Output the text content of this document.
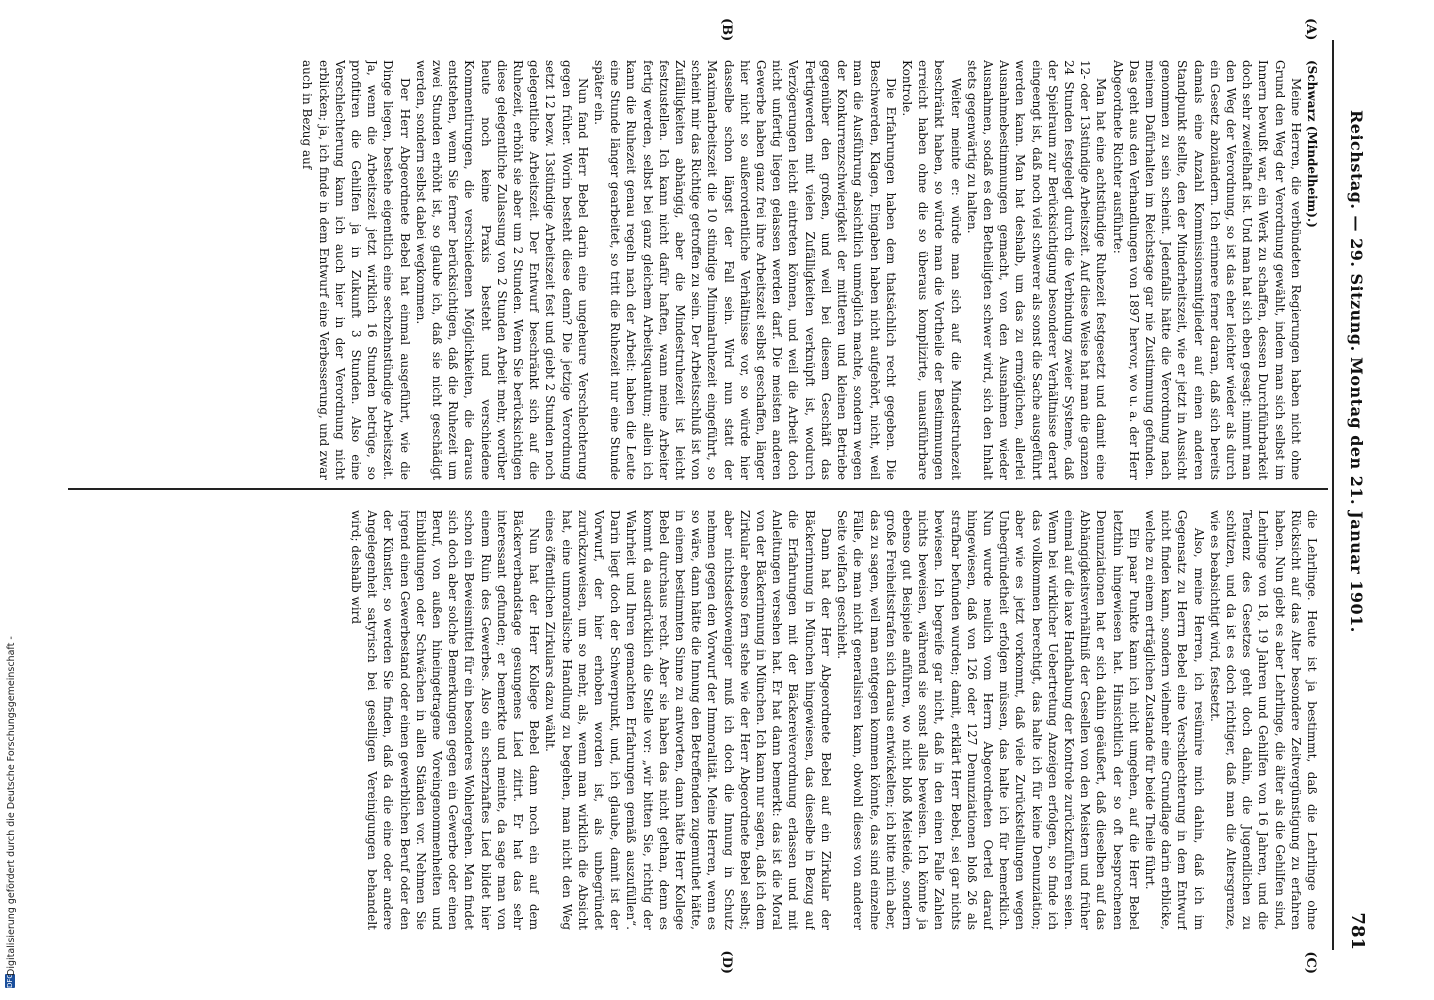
Reichstag. — 29. Sitzung.
Montag den 21. Januar 1901.
781
(A)
(B)
(C)
(D)

(Schwarz (Mindelheim).)

Meine Herren, die verbündeten Regierungen haben nicht ohne Grund den Weg der Verordnung gewählt, indem man sich selbst im Innern bewußt war, ein Werk zu schaffen, dessen Durchführbarkeit doch sehr zweifelhaft ist. Und man hat sich eben gesagt: nimmt man den Weg der Verordnung, so ist das eher leichter wieder als durch ein Gesetz abzuändern. Ich erinnere ferner daran, daß sich bereits damals eine Anzahl Kommissionsmitglieder auf einen anderen Standpunkt stellte, den der Minderheitszeit, wie er jetzt in Aussicht genommen zu sein scheint. Jedenfalls hätte die Verordnung nach meinem Dafürhalten im Reichstage gar nie Zustimmung gefunden. Das geht aus den Verhandlungen von 1897 hervor, wo u. a. der Herr Abgeordnete Richter ausführte:

Man hat eine achtstündige Ruhezeit festgesetzt und damit eine 12- oder 13stündige Arbeitszeit. Auf diese Weise hat man die ganzen 24 Stunden festgelegt durch die Verbindung zweier Systeme, daß der Spielraum zur Berücksichtigung besonderer Verhältnisse derart eingeengt ist, daß noch viel schwerer als sonst die Sache ausgeführt werden kann. Man hat deshalb, um das zu ermöglichen, allerlei Ausnahmebestimmungen gemacht, von den Ausnahmen wieder Ausnahmen, sodaß es den Betheiligten schwer wird, sich den Inhalt stets gegenwärtig zu halten.

Weiter meinte er: würde man sich auf die Mindestruhezeit beschränkt haben, so würde man die Vortheile der Bestimmungen erreicht haben ohne die so überaus komplizirte, unausführbare Kontrole.

Die Erfahrungen haben dem thatsächlich recht gegeben. Die Beschwerden, Klagen, Eingaben haben nicht aufgehört, nicht, weil man die Ausführung absichtlich unmöglich machte, sondern wegen der Konkurrenzschwierigkeit der mittleren und kleinen Betriebe gegenüber den großen, und weil bei diesem Geschäft das Fertigwerden mit vielen Zufälligkeiten verknüpft ist, wodurch Verzögerungen leicht eintreten können, und weil die Arbeit doch nicht unfertig liegen gelassen werden darf. Die meisten anderen Gewerbe haben ganz frei ihre Arbeitszeit selbst geschaffen, länger hier nicht so außerordentliche Verhältnisse vor, so würde hier dasselbe schon längst der Fall sein. Wird nun statt der Maximalarbeitszeit die 10 stündige Minimalruhezeit eingeführt, so scheint mir das Richtige getroffen zu sein. Der Arbeitsschluß ist von Zufälligkeiten abhängig, aber die Mindestruhezeit ist leicht festzustellen. Ich kann nicht dafür haften, wann meine Arbeiter fertig werden, selbst bei ganz gleichem Arbeitsquantum; allein ich kann die Ruhezeit genau regeln nach der Arbeit: haben die Leute eine Stunde länger gearbeitet, so tritt die Ruhezeit nur eine Stunde später ein.

Nun fand Herr Bebel darin eine ungeheure Verschlechterung gegen früher. Worin besteht diese denn? Die jetzige Verordnung setzt 12 bezw. 13stündige Arbeitszeit fest und giebt 2 Stunden noch gelegentliche Arbeitszeit. Der Entwurf beschränkt sich auf die Ruhezeit, erhöht sie aber um 2 Stunden. Wenn Sie berücksichtigen diese gelegentliche Zulassung von 2 Stunden Arbeit mehr, worüber heute noch keine Praxis besteht und verschiedene Kommentirungen, die verschiedenen Möglichkeiten, die daraus entstehen, wenn Sie ferner berücksichtigen, daß die Ruhezeit um zwei Stunden erhöht ist, so glaube ich, daß sie nicht geschädigt werden, sondern selbst dabei wegkommen.

Der Herr Abgeordnete Bebel hat einmal ausgeführt, wie die Dinge liegen, bestehe eigentlich eine sechzehnstündige Arbeitszeit. Ja, wenn die Arbeitszeit jetzt wirklich 16 Stunden betrüge, so profitiren die Gehilfen ja in Zukunft 3 Stunden. Also eine Verschlechterung kann ich auch hier in der Verordnung nicht erblicken; ja, ich finde in dem Entwurf eine Verbesserung, und zwar auch in Bezug auf

die Lehrlinge. Heute ist ja bestimmt, daß die Lehrlinge ohne Rücksicht auf das Alter besondere Zeitvergünstigung zu erfahren haben. Nun giebt es aber Lehrlinge, die älter als die Gehilfen sind, Lehrlinge von 18, 19 Jahren und Gehilfen von 16 Jahren, und die Tendenz des Gesetzes geht doch dahin, die Jugendlichen zu schützen, und da ist es doch richtiger, daß man die Altersgrenze, wie es beabsichtigt wird, festsetzt.

Also, meine Herren, ich resümire mich dahin, daß ich im Gegensatz zu Herrn Bebel eine Verschlechterung in dem Entwurf nicht finden kann, sondern vielmehr eine Grundlage darin erblicke, welche zu einem erträglichen Zustande für beide Theile führt.

Ein paar Punkte kann ich nicht umgehen, auf die Herr Bebel letzthin hingewiesen hat. Hinsichtlich der so oft besprochenen Denunziationen hat er sich dahin geäußert, daß dieselben auf das Abhängigkeitsverhältniß der Gesellen von den Meistern und früher einmal auf die laxe Handhabung der Kontrole zurückzuführen seien. Wenn bei wirklicher Uebertretung Anzeigen erfolgen, so finde ich das vollkommen berechtigt, das halte ich für keine Denunziation; aber wie es jetzt vorkommt, daß viele Zurückstellungen wegen Unbegründetheit erfolgen müssen, das halte ich für bemerklich. Nun wurde neulich vom Herrn Abgeordneten Oertel darauf hingewiesen, daß von 126 oder 127 Denunziationen bloß 26 als strafbar befunden wurden; damit, erklärt Herr Bebel, sei gar nichts bewiesen. Ich begreife gar nicht, daß in den einen Falle Zahlen nichts beweisen, während sie sonst alles beweisen. Ich könnte ja ebenso gut Beispiele anführen, wo nicht bloß Meisteide, sondern große Freiheitsstrafen sich daraus entwickelten; ich bitte mich aber, das zu sagen, weil man entgegen kommen könnte, das sind einzelne Fälle, die man nicht generalisiren kann, obwohl dieses von anderer Seite vielfach geschieht.

Dann hat der Herr Abgeordnete Bebel auf ein Zirkular der Bäckerinnung in München hingewiesen, das dieselbe in Bezug auf die Erfahrungen mit der Bäckereiverordnung erlassen und mit Anleitungen versehen hat. Er hat dann bemerkt: das ist die Moral von der Bäckerinnung in München. Ich kann nur sagen, daß ich dem Zirkular ebenso fern stehe wie der Herr Abgeordnete Bebel selbst; aber nichtsdestoweniger muß ich doch die Innung in Schutz nehmen gegen den Vorwurf der Immoralität. Meine Herren, wenn es so wäre, dann hätte die Innung den Betreffenden zugemuthet hätte, in einem bestimmten Sinne zu antworten, dann hätte Herr Kollege Bebel durchaus recht. Aber sie haben das nicht gethan, denn es kommt da ausdrücklich die Stelle vor: „wir bitten Sie, richtig der Wahrheit und Ihren gemachten Erfahrungen gemäß auszufüllen“. Darin liegt doch der Schwerpunkt, und, ich glaube, damit ist der Vorwurf, der hier erhoben worden ist, als unbegründet zurückzuweisen, um so mehr, als, wenn man wirklich die Absicht hat, eine unmoralische Handlung zu begehen, man nicht den Weg eines öffentlichen Zirkulars dazu wählt.

Nun hat der Herr Kollege Bebel dann noch ein auf dem Bäckerverbandstage gesungenes Lied zitirt. Er hat das sehr interessant gefunden; er bemerkte und meinte, da sage man von einem Ruin des Gewerbes. Also ein scherzhaftes Lied bildet hier schon ein Beweismittel für ein besonderes Wohlergehen. Man findet sich doch aber solche Bemerkungen gegen ein Gewerbe oder einen Beruf, von außen hineingetragene Voreingenommenheiten und Einbildungen oder Schwächen in allen Ständen vor. Nehmen Sie irgend einen Gewerbestand oder einen gewerblichen Beruf oder den der Künstler, so werden Sie finden, daß da die eine oder andere Angelegenheit satyrisch bei geselligen Vereinigungen behandelt wird; deshalb wird

DFG
Digitalisierung gefördert durch die Deutsche Forschungsgemeinschaft -
